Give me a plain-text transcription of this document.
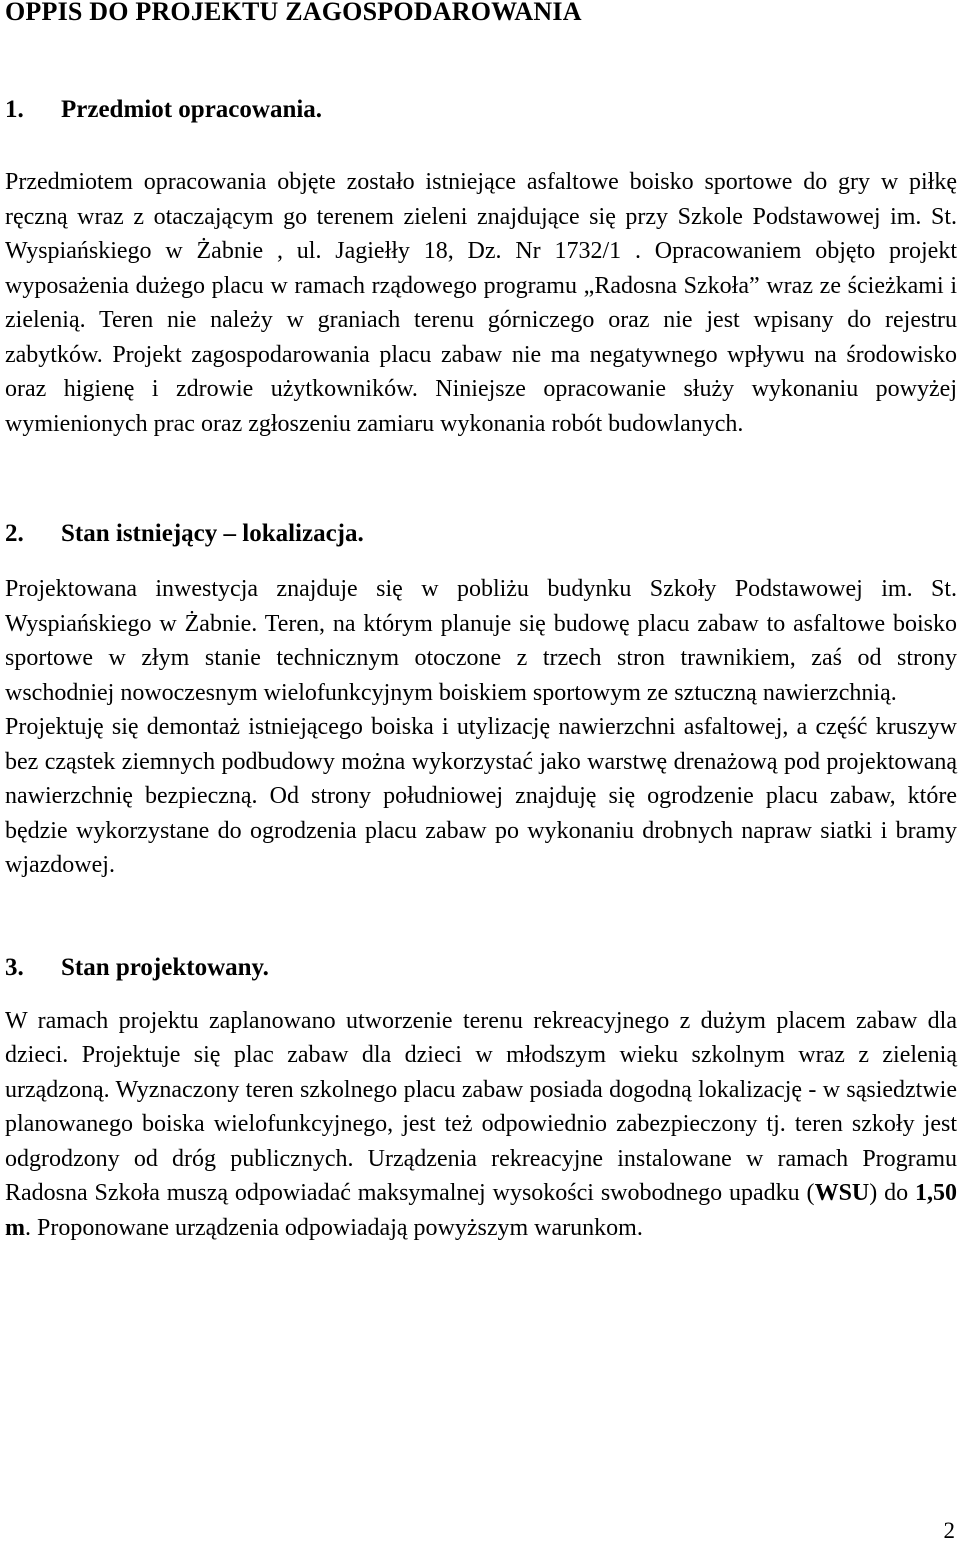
OPPIS DO PROJEKTU ZAGOSPODAROWANIA
1. Przedmiot opracowania.

Przedmiotem opracowania objęte zostało istniejące asfaltowe boisko sportowe do gry w piłkę ręczną wraz z otaczającym go terenem zieleni znajdujące się przy Szkole Podstawowej im. St. Wyspiańskiego w Żabnie , ul. Jagiełły 18, Dz. Nr 1732/1 . Opracowaniem objęto projekt wyposażenia dużego placu w ramach rządowego programu „Radosna Szkoła” wraz ze ścieżkami i zielenią. Teren nie należy w graniach terenu górniczego oraz nie jest wpisany do rejestru zabytków. Projekt zagospodarowania placu zabaw nie ma negatywnego wpływu na środowisko oraz higienę i zdrowie użytkowników. Niniejsze opracowanie służy wykonaniu powyżej wymienionych prac oraz zgłoszeniu zamiaru wykonania robót budowlanych.

2. Stan istniejący – lokalizacja.

Projektowana inwestycja znajduje się w pobliżu budynku Szkoły Podstawowej im. St. Wyspiańskiego w Żabnie. Teren, na którym planuje się budowę placu zabaw to asfaltowe boisko sportowe w złym stanie technicznym otoczone z trzech stron trawnikiem, zaś od strony wschodniej nowoczesnym wielofunkcyjnym boiskiem sportowym ze sztuczną nawierzchnią.

Projektuję się demontaż istniejącego boiska i utylizację nawierzchni asfaltowej, a część kruszyw bez cząstek ziemnych podbudowy można wykorzystać jako warstwę drenażową pod projektowaną nawierzchnię bezpieczną. Od strony południowej znajduję się ogrodzenie placu zabaw, które będzie wykorzystane do ogrodzenia placu zabaw po wykonaniu drobnych napraw siatki i bramy wjazdowej.

3. Stan projektowany.

W ramach projektu zaplanowano utworzenie terenu rekreacyjnego z dużym placem zabaw dla dzieci. Projektuje się plac zabaw dla dzieci w młodszym wieku szkolnym wraz z zielenią urządzoną. Wyznaczony teren szkolnego placu zabaw posiada dogodną lokalizację - w sąsiedztwie planowanego boiska wielofunkcyjnego, jest też odpowiednio zabezpieczony tj. teren szkoły jest odgrodzony od dróg publicznych. Urządzenia rekreacyjne instalowane w ramach Programu Radosna Szkoła muszą odpowiadać maksymalnej wysokości swobodnego upadku (WSU) do 1,50 m. Proponowane urządzenia odpowiadają powyższym warunkom.

2
